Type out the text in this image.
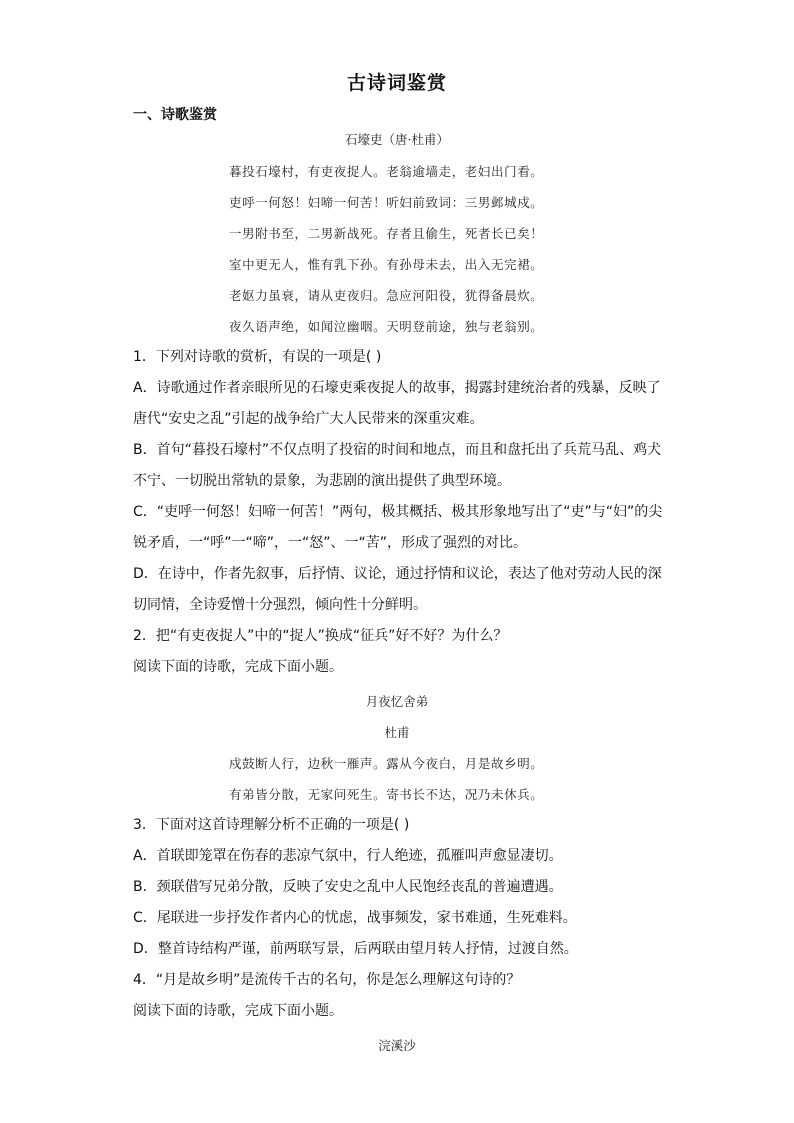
古诗词鉴赏
一、诗歌鉴赏
石壕吏（唐·杜甫）
暮投石壕村，有吏夜捉人。老翁逾墙走，老妇出门看。
吏呼一何怒！妇啼一何苦！听妇前致词：三男邺城戍。
一男附书至，二男新战死。存者且偷生，死者长已矣！
室中更无人，惟有乳下孙。有孙母未去，出入无完裙。
老妪力虽衰，请从吏夜归。急应河阳役，犹得备晨炊。
夜久语声绝，如闻泣幽咽。天明登前途，独与老翁别。
1．下列对诗歌的赏析，有误的一项是( )
A．诗歌通过作者亲眼所见的石壕吏乘夜捉人的故事，揭露封建统治者的残暴，反映了唐代“安史之乱”引起的战争给广大人民带来的深重灾难。
B．首句“暮投石壕村”不仅点明了投宿的时间和地点，而且和盘托出了兵荒马乱、鸡犬不宁、一切脱出常轨的景象，为悲剧的演出提供了典型环境。
C．“吏呼一何怒！妇啼一何苦！”两句，极其概括、极其形象地写出了“吏”与“妇”的尖锐矛盾，一“呼”一“啼”，一“怒”、一“苦”，形成了强烈的对比。
D．在诗中，作者先叙事，后抒情、议论，通过抒情和议论，表达了他对劳动人民的深切同情，全诗爱憎十分强烈，倾向性十分鲜明。
2．把“有吏夜捉人”中的“捉人”换成“征兵”好不好？为什么？
阅读下面的诗歌，完成下面小题。
月夜忆舍弟
杜甫
戍鼓断人行，边秋一雁声。露从今夜白，月是故乡明。
有弟皆分散，无家问死生。寄书长不达，况乃未休兵。
3．下面对这首诗理解分析不正确的一项是( )
A．首联即笼罩在伤春的悲凉气氛中，行人绝迹，孤雁叫声愈显凄切。
B．颈联借写兄弟分散，反映了安史之乱中人民饱经丧乱的普遍遭遇。
C．尾联进一步抒发作者内心的忧虑，战事频发，家书难通，生死难料。
D．整首诗结构严谨，前两联写景，后两联由望月转人抒情，过渡自然。
4．“月是故乡明”是流传千古的名句，你是怎么理解这句诗的？
阅读下面的诗歌，完成下面小题。
浣溪沙
